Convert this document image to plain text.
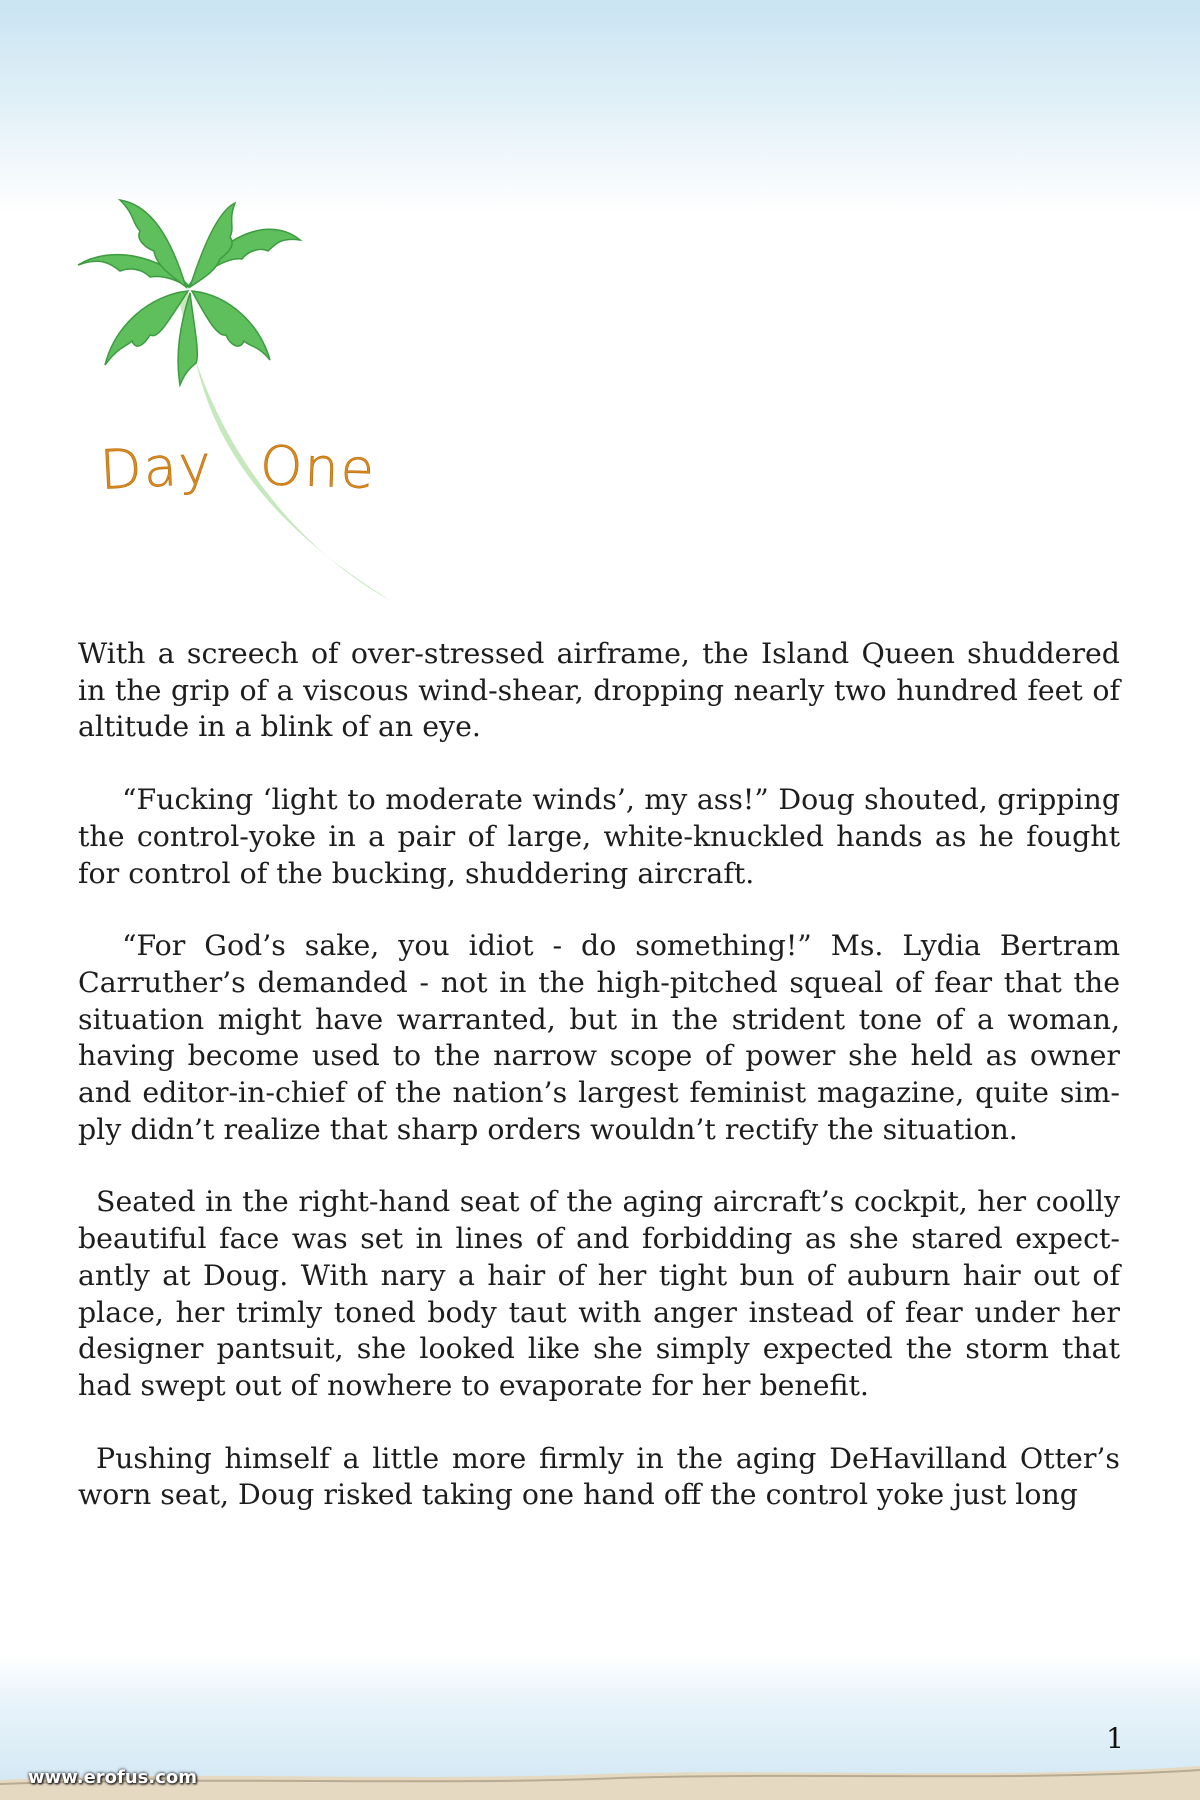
Day One

With a screech of over-stressed airframe, the Island Queen shuddered in the grip of a viscous wind-shear, dropping nearly two hundred feet of altitude in a blink of an eye.

“Fucking ‘light to moderate winds’, my ass!” Doug shouted, gripping the control-yoke in a pair of large, white-knuckled hands as he fought for control of the bucking, shuddering aircraft.

“For God’s sake, you idiot - do something!” Ms. Lydia Bertram Carruther’s demanded - not in the high-pitched squeal of fear that the situation might have warranted, but in the strident tone of a woman, having become used to the narrow scope of power she held as owner and editor-in-chief of the nation’s largest feminist magazine, quite sim-ply didn’t realize that sharp orders wouldn’t rectify the situation.

Seated in the right-hand seat of the aging aircraft’s cockpit, her coolly beautiful face was set in lines of and forbidding as she stared expect-antly at Doug. With nary a hair of her tight bun of auburn hair out of place, her trimly toned body taut with anger instead of fear under her designer pantsuit, she looked like she simply expected the storm that had swept out of nowhere to evaporate for her benefit.

Pushing himself a little more firmly in the aging DeHavilland Otter’s worn seat, Doug risked taking one hand off the control yoke just long

1
www.erofus.com
